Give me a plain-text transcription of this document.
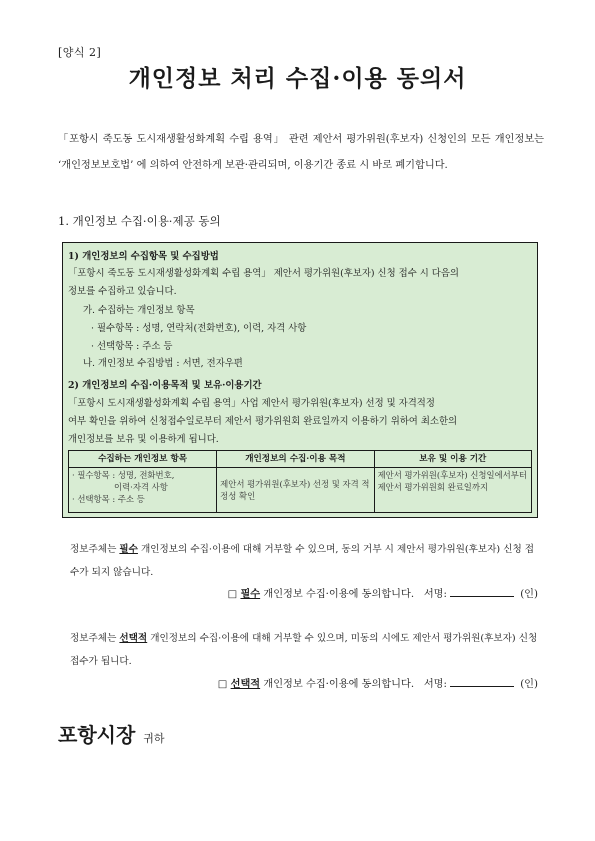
[양식 2]
개인정보 처리 수집·이용 동의서
「포항시 죽도동 도시재생활성화계획 수립 용역」 관련 제안서 평가위원(후보자) 신청인의 모든 개인정보는 ‘개인정보보호법’ 에 의하여 안전하게 보관·관리되며, 이용기간 종료 시 바로 폐기합니다.
1. 개인정보 수집·이용·제공 동의
1) 개인정보의 수집항목 및 수집방법
「포항시 죽도동 도시재생활성화계획 수립 용역」 제안서 평가위원(후보자) 신청 접수 시 다음의
정보를 수집하고 있습니다.
가. 수집하는 개인정보 항목
· 필수항목 : 성명, 연락처(전화번호), 이력, 자격 사항
· 선택항목 : 주소 등
나. 개인정보 수집방법 : 서면, 전자우편
2) 개인정보의 수집·이용목적 및 보유·이용기간
「포항시 도시재생활성화계획 수립 용역」사업 제안서 평가위원(후보자) 선정 및 자격적정
여부 확인을 위하여 신청접수일로부터 제안서 평가위원회 완료일까지 이용하기 위하여 최소한의
개인정보를 보유 및 이용하게 됩니다.
수집하는 개인정보 항목	개인정보의 수집·이용 목적	보유 및 이용 기간

· 필수항목 : 성명, 전화번호,
이력·자격 사항
· 선택항목 : 주소 등	제안서 평가위원(후보자) 선정 및 자격 적정성 확인	제안서 평가위원(후보자) 신청일에서부터 제안서 평가위원회 완료일까지
정보주체는 필수 개인정보의 수집·이용에 대해 거부할 수 있으며, 동의 거부 시 제안서 평가위원(후보자) 신청 접수가 되지 않습니다.
□ 필수 개인정보 수집·이용에 동의합니다. 서명:	(인)
정보주체는 선택적 개인정보의 수집·이용에 대해 거부할 수 있으며, 미동의 시에도 제안서 평가위원(후보자) 신청 접수가 됩니다.
□ 선택적 개인정보 수집·이용에 동의합니다. 서명:	(인)
포항시장 귀하
